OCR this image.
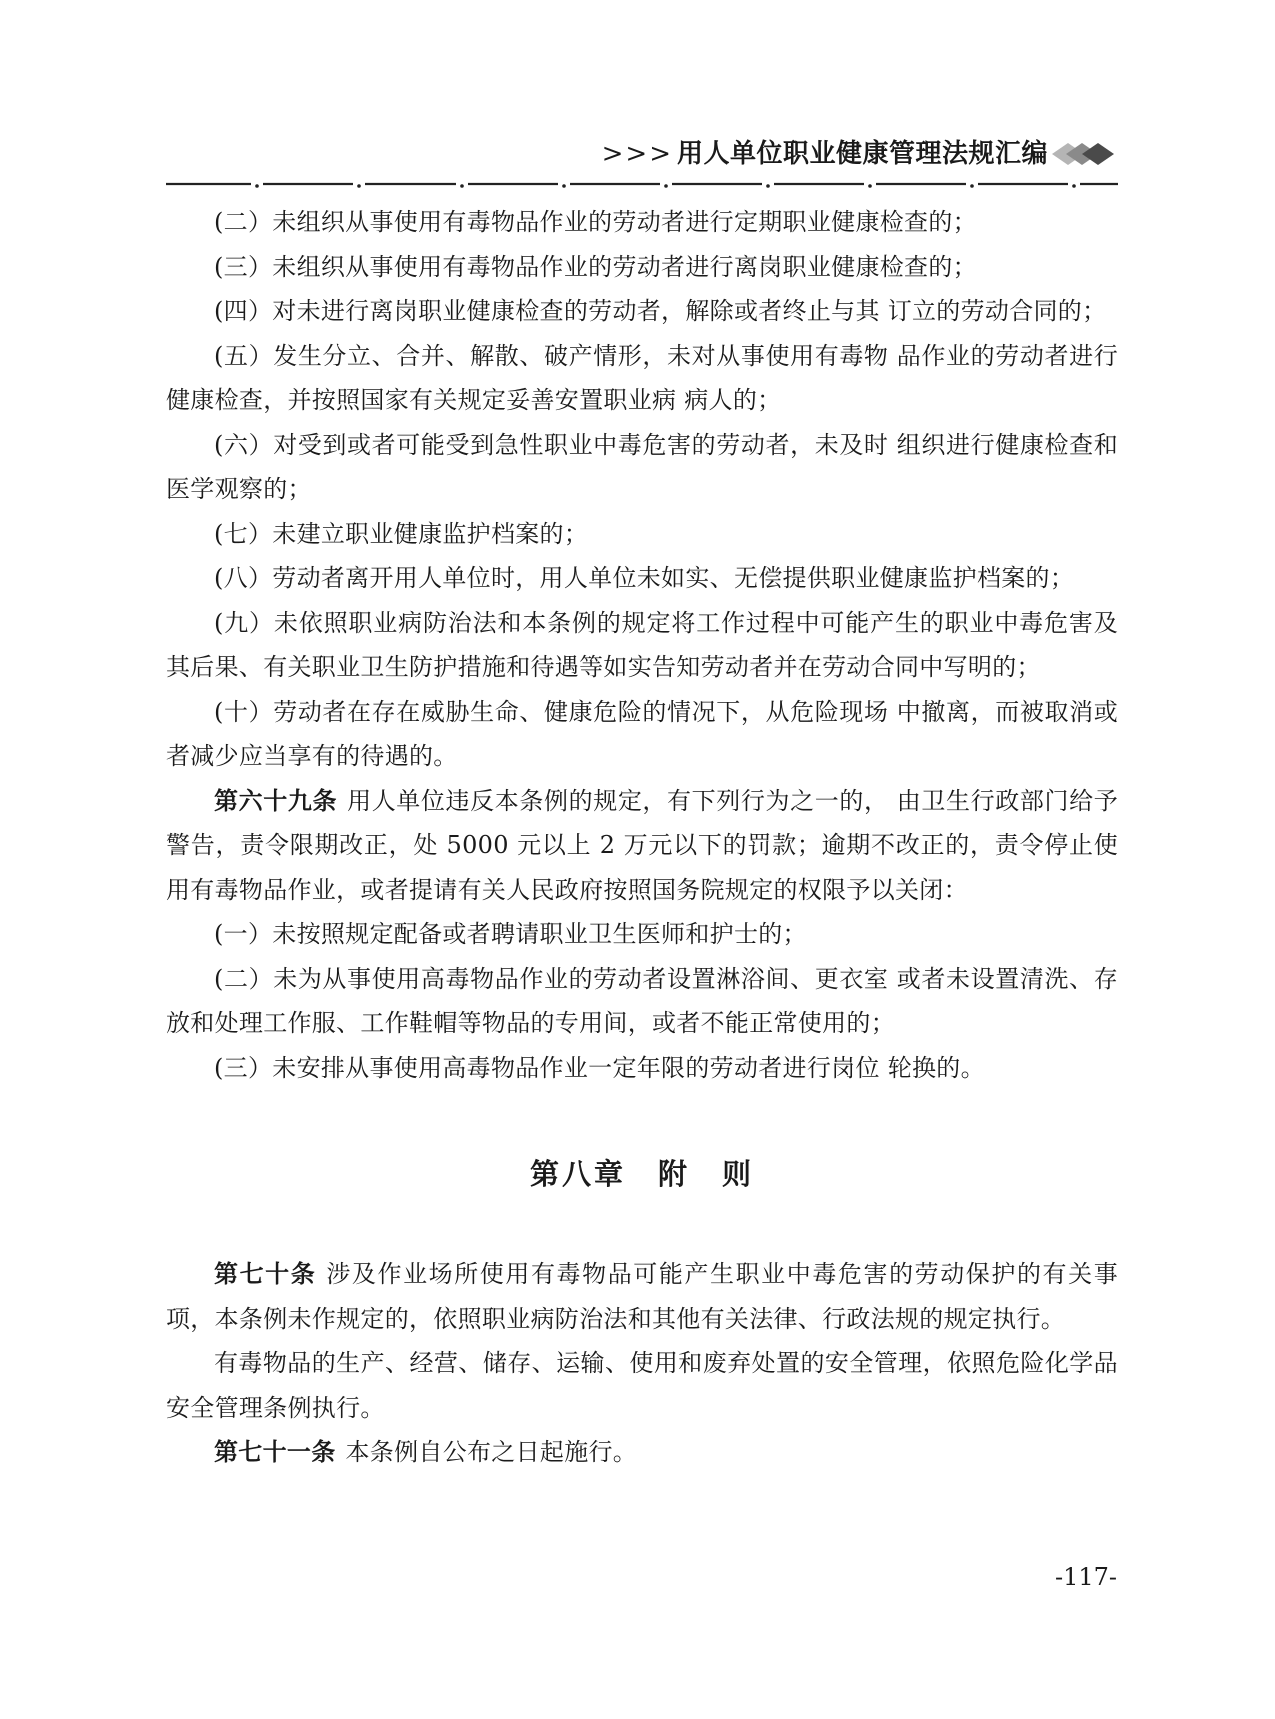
>>> 用人单位职业健康管理法规汇编

(二）未组织从事使用有毒物品作业的劳动者进行定期职业健康检查的；

(三）未组织从事使用有毒物品作业的劳动者进行离岗职业健康检查的；

(四）对未进行离岗职业健康检查的劳动者，解除或者终止与其 订立的劳动合同的；

(五）发生分立、合并、解散、破产情形，未对从事使用有毒物 品作业的劳动者进行健康检查，并按照国家有关规定妥善安置职业病 病人的；

(六）对受到或者可能受到急性职业中毒危害的劳动者，未及时 组织进行健康检查和医学观察的；

(七）未建立职业健康监护档案的；

(八）劳动者离开用人单位时，用人单位未如实、无偿提供职业健康监护档案的；

(九）未依照职业病防治法和本条例的规定将工作过程中可能产生的职业中毒危害及其后果、有关职业卫生防护措施和待遇等如实告知劳动者并在劳动合同中写明的；

(十）劳动者在存在威胁生命、健康危险的情况下，从危险现场 中撤离，而被取消或者减少应当享有的待遇的。

第六十九条 用人单位违反本条例的规定，有下列行为之一的， 由卫生行政部门给予警告，责令限期改正，处 5000 元以上 2 万元以下的罚款；逾期不改正的，责令停止使用有毒物品作业，或者提请有关人民政府按照国务院规定的权限予以关闭：

(一）未按照规定配备或者聘请职业卫生医师和护士的；

(二）未为从事使用高毒物品作业的劳动者设置淋浴间、更衣室 或者未设置清洗、存放和处理工作服、工作鞋帽等物品的专用间，或者不能正常使用的；

(三）未安排从事使用高毒物品作业一定年限的劳动者进行岗位 轮换的。

第八章　附　则

第七十条 涉及作业场所使用有毒物品可能产生职业中毒危害的劳动保护的有关事项，本条例未作规定的，依照职业病防治法和其他有关法律、行政法规的规定执行。

有毒物品的生产、经营、储存、运输、使用和废弃处置的安全管理，依照危险化学品安全管理条例执行。

第七十一条 本条例自公布之日起施行。

-117-
